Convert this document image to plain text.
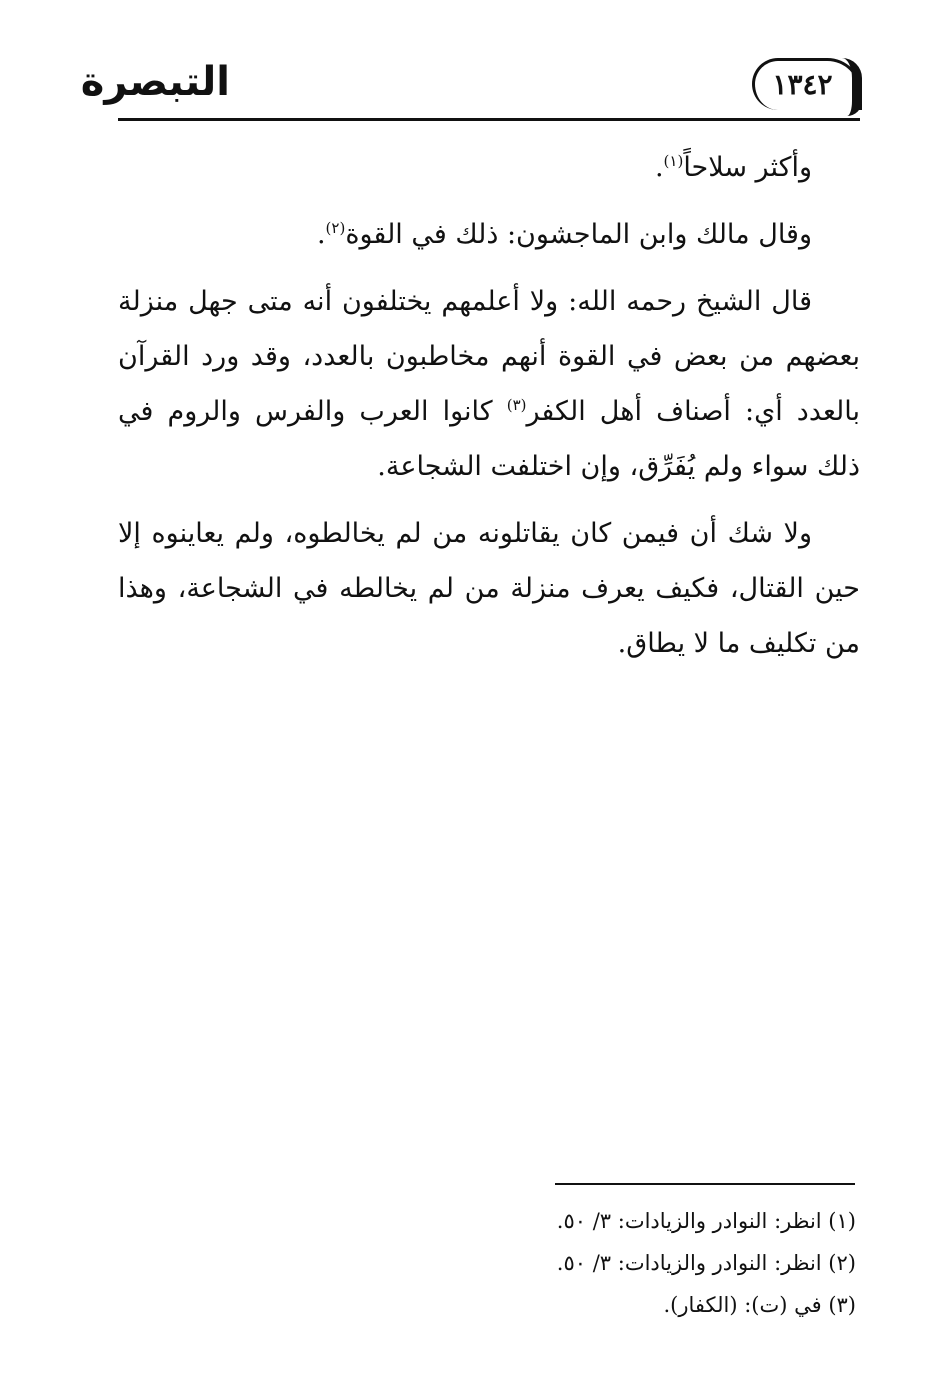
التبصرة	١٣٤٢

وأكثر سلاحاً$^{(١)}$.

وقال مالك وابن الماجشون: ذلك في القوة$^{(٢)}$.

قال الشيخ رحمه الله: ولا أعلمهم يختلفون أنه متى جهل منزلة بعضهم من بعض في القوة أنهم مخاطبون بالعدد، وقد ورد القرآن بالعدد أي: أصناف أهل الكفر$^{(٣)}$ كانوا العرب والفرس والروم في ذلك سواء ولم يُفَرِّق، وإن اختلفت الشجاعة.

ولا شك أن فيمن كان يقاتلونه من لم يخالطوه، ولم يعاينوه إلا حين القتال، فكيف يعرف منزلة من لم يخالطه في الشجاعة، وهذا من تكليف ما لا يطاق.

(١) انظر: النوادر والزيادات: ٣/ ٥٠.
(٢) انظر: النوادر والزيادات: ٣/ ٥٠.
(٣) في (ت): (الكفار).
